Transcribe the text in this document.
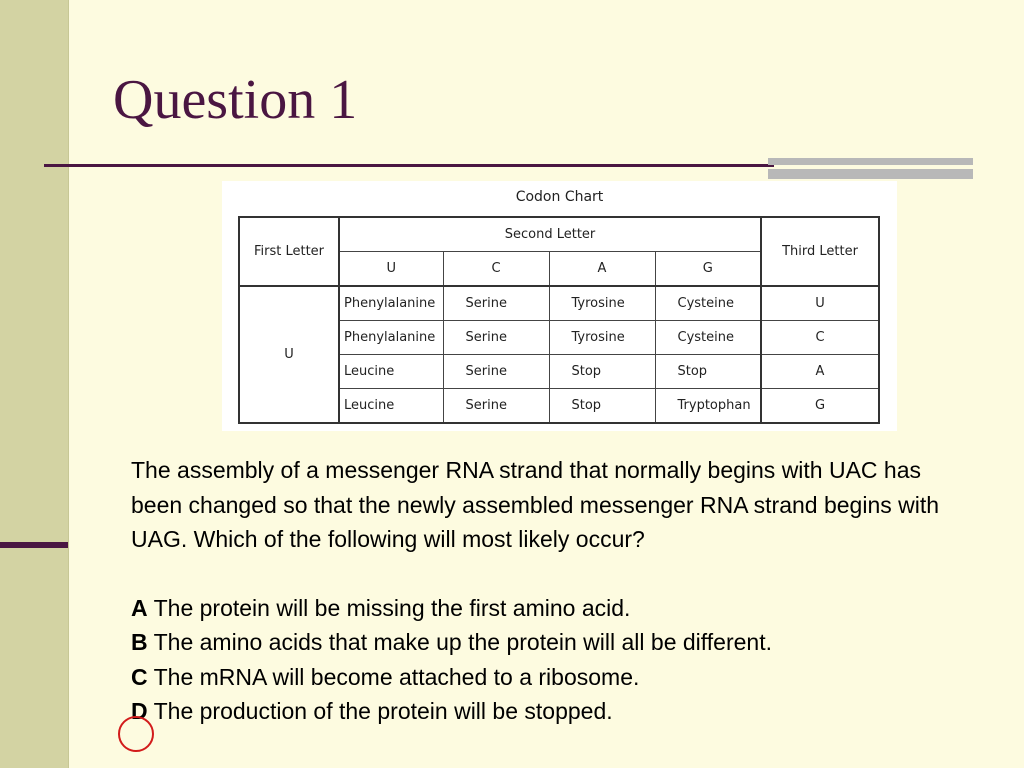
Question 1
Codon Chart
First Letter	Second Letter				Third Letter
	U	C	A	G	
U	Phenylalanine	Serine	Tyrosine	Cysteine	U
	Phenylalanine	Serine	Tyrosine	Cysteine	C
	Leucine	Serine	Stop	Stop	A
	Leucine	Serine	Stop	Tryptophan	G

The assembly of a messenger RNA strand that normally begins with UAC has been changed so that the newly assembled messenger RNA strand begins with UAG. Which of the following will most likely occur?

A The protein will be missing the first amino acid.
B The amino acids that make up the protein will all be different.
C The mRNA will become attached to a ribosome.
D The production of the protein will be stopped.
